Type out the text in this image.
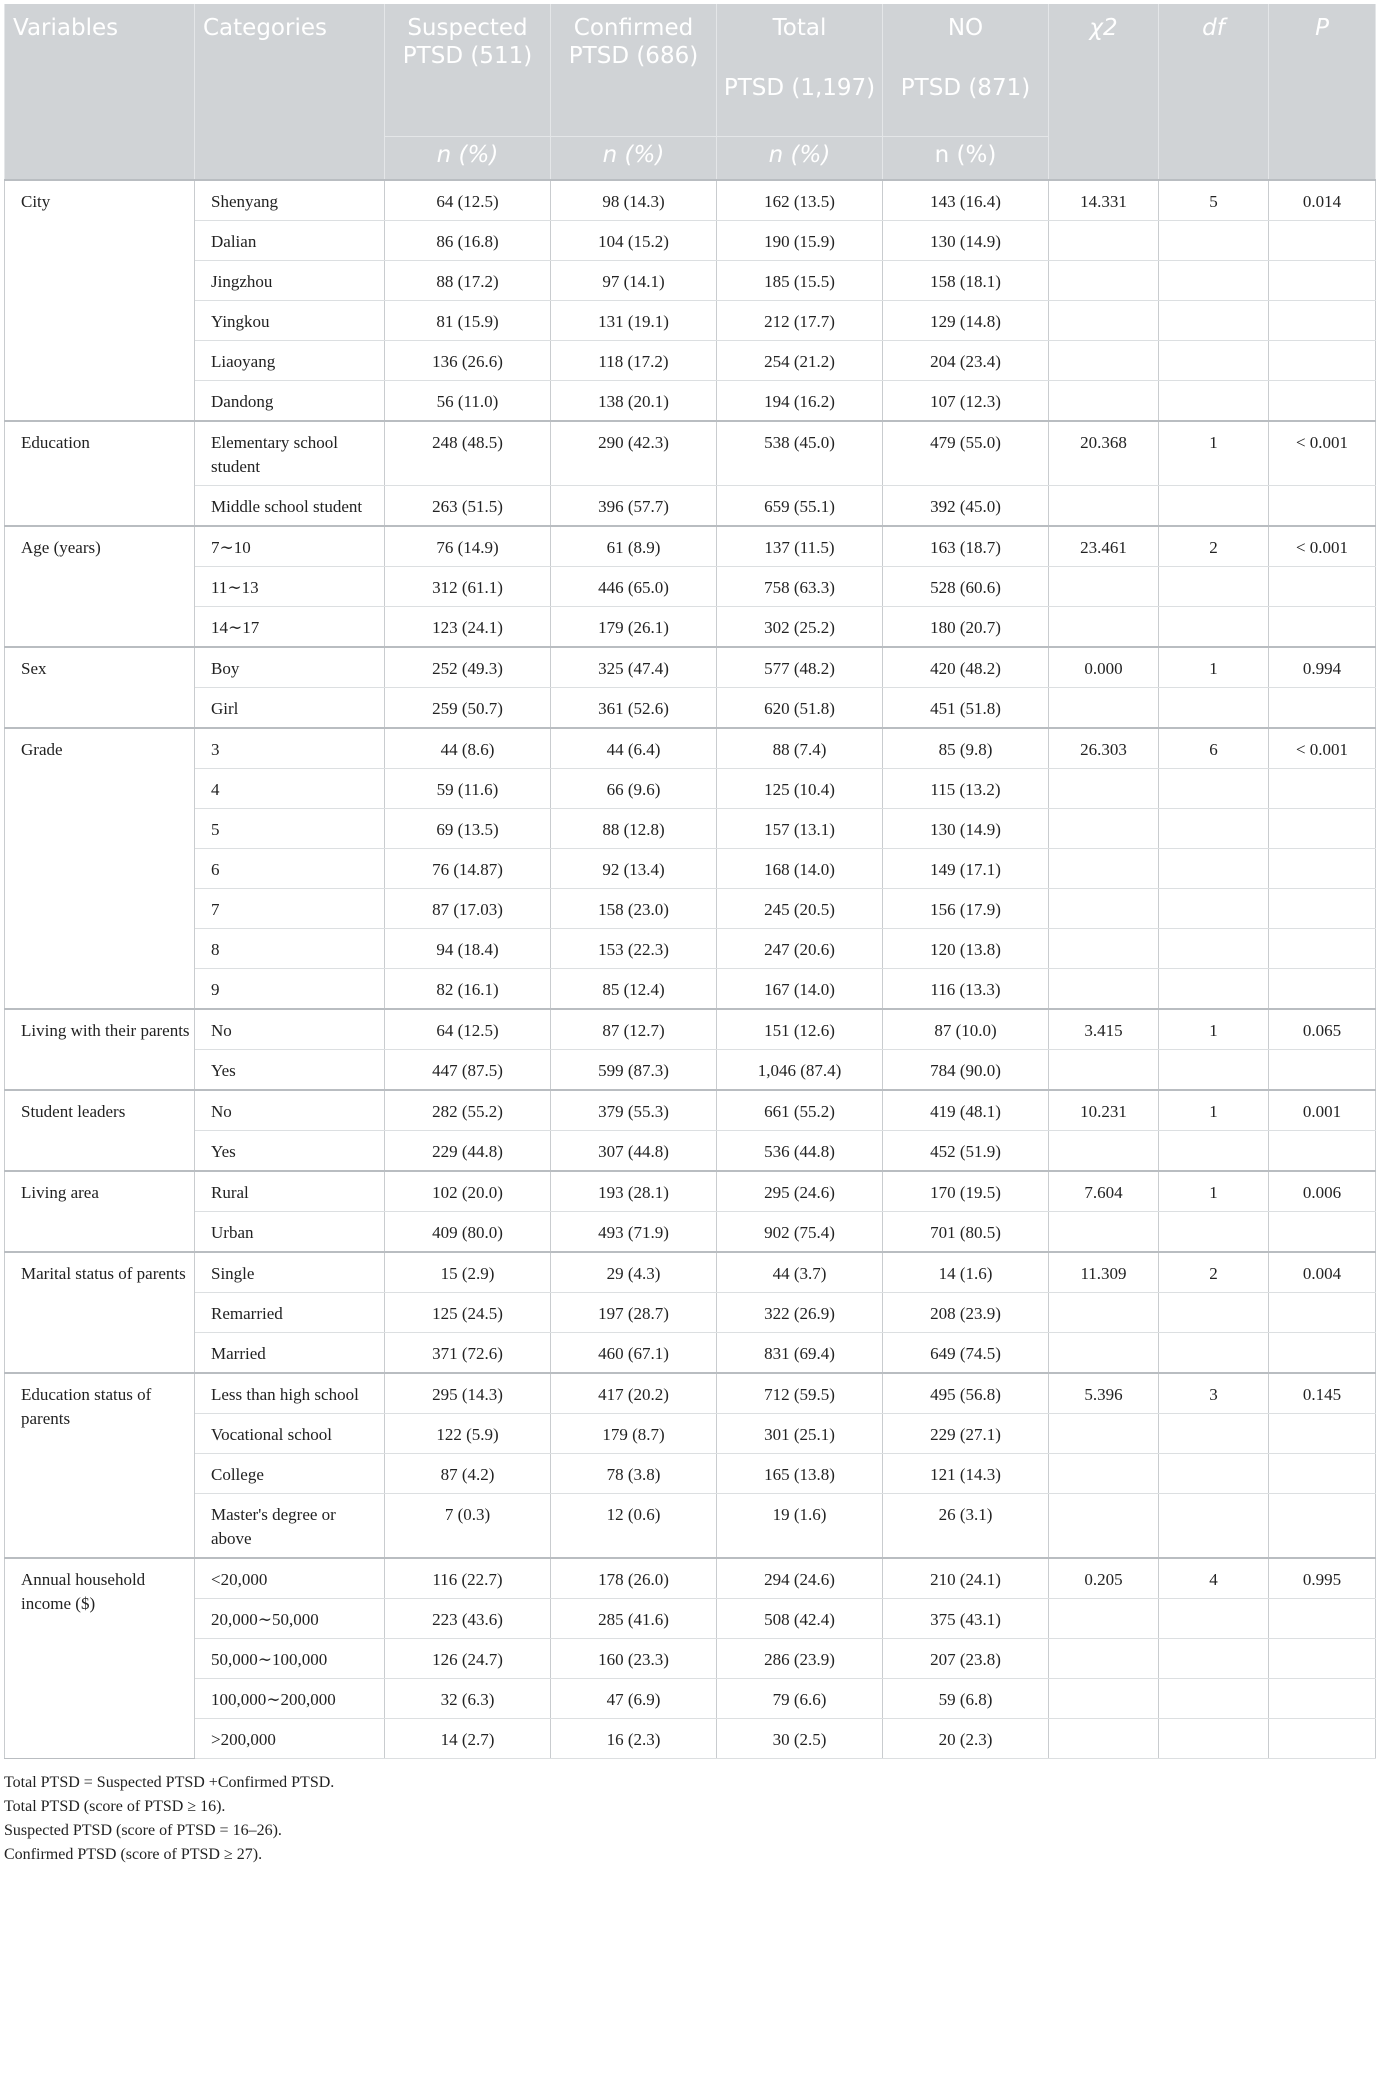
Variables	Categories	Suspected PTSD (511)	Confirmed PTSD (686)	Total	NO	χ2	df	P
				PTSD (1,197)	PTSD (871)			
		n (%)	n (%)	n (%)	n (%)			
City	Shenyang	64 (12.5)	98 (14.3)	162 (13.5)	143 (16.4)	14.331	5	0.014
	Dalian	86 (16.8)	104 (15.2)	190 (15.9)	130 (14.9)			
	Jingzhou	88 (17.2)	97 (14.1)	185 (15.5)	158 (18.1)			
	Yingkou	81 (15.9)	131 (19.1)	212 (17.7)	129 (14.8)			
	Liaoyang	136 (26.6)	118 (17.2)	254 (21.2)	204 (23.4)			
	Dandong	56 (11.0)	138 (20.1)	194 (16.2)	107 (12.3)			
Education	Elementary school student	248 (48.5)	290 (42.3)	538 (45.0)	479 (55.0)	20.368	1	< 0.001
	Middle school student	263 (51.5)	396 (57.7)	659 (55.1)	392 (45.0)			
Age (years)	7∼10	76 (14.9)	61 (8.9)	137 (11.5)	163 (18.7)	23.461	2	< 0.001
	11∼13	312 (61.1)	446 (65.0)	758 (63.3)	528 (60.6)			
	14∼17	123 (24.1)	179 (26.1)	302 (25.2)	180 (20.7)			
Sex	Boy	252 (49.3)	325 (47.4)	577 (48.2)	420 (48.2)	0.000	1	0.994
	Girl	259 (50.7)	361 (52.6)	620 (51.8)	451 (51.8)			
Grade	3	44 (8.6)	44 (6.4)	88 (7.4)	85 (9.8)	26.303	6	< 0.001
	4	59 (11.6)	66 (9.6)	125 (10.4)	115 (13.2)			
	5	69 (13.5)	88 (12.8)	157 (13.1)	130 (14.9)			
	6	76 (14.87)	92 (13.4)	168 (14.0)	149 (17.1)			
	7	87 (17.03)	158 (23.0)	245 (20.5)	156 (17.9)			
	8	94 (18.4)	153 (22.3)	247 (20.6)	120 (13.8)			
	9	82 (16.1)	85 (12.4)	167 (14.0)	116 (13.3)			
Living with their parents	No	64 (12.5)	87 (12.7)	151 (12.6)	87 (10.0)	3.415	1	0.065
	Yes	447 (87.5)	599 (87.3)	1,046 (87.4)	784 (90.0)			
Student leaders	No	282 (55.2)	379 (55.3)	661 (55.2)	419 (48.1)	10.231	1	0.001
	Yes	229 (44.8)	307 (44.8)	536 (44.8)	452 (51.9)			
Living area	Rural	102 (20.0)	193 (28.1)	295 (24.6)	170 (19.5)	7.604	1	0.006
	Urban	409 (80.0)	493 (71.9)	902 (75.4)	701 (80.5)			
Marital status of parents	Single	15 (2.9)	29 (4.3)	44 (3.7)	14 (1.6)	11.309	2	0.004
	Remarried	125 (24.5)	197 (28.7)	322 (26.9)	208 (23.9)			
	Married	371 (72.6)	460 (67.1)	831 (69.4)	649 (74.5)			
Education status of parents	Less than high school	295 (14.3)	417 (20.2)	712 (59.5)	495 (56.8)	5.396	3	0.145
	Vocational school	122 (5.9)	179 (8.7)	301 (25.1)	229 (27.1)			
	College	87 (4.2)	78 (3.8)	165 (13.8)	121 (14.3)			
	Master's degree or above	7 (0.3)	12 (0.6)	19 (1.6)	26 (3.1)			
Annual household income ($)	<20,000	116 (22.7)	178 (26.0)	294 (24.6)	210 (24.1)	0.205	4	0.995
	20,000∼50,000	223 (43.6)	285 (41.6)	508 (42.4)	375 (43.1)			
	50,000∼100,000	126 (24.7)	160 (23.3)	286 (23.9)	207 (23.8)			
	100,000∼200,000	32 (6.3)	47 (6.9)	79 (6.6)	59 (6.8)			
	>200,000	14 (2.7)	16 (2.3)	30 (2.5)	20 (2.3)			
Total PTSD = Suspected PTSD +Confirmed PTSD.
Total PTSD (score of PTSD ≥ 16).
Suspected PTSD (score of PTSD = 16–26).
Confirmed PTSD (score of PTSD ≥ 27).
